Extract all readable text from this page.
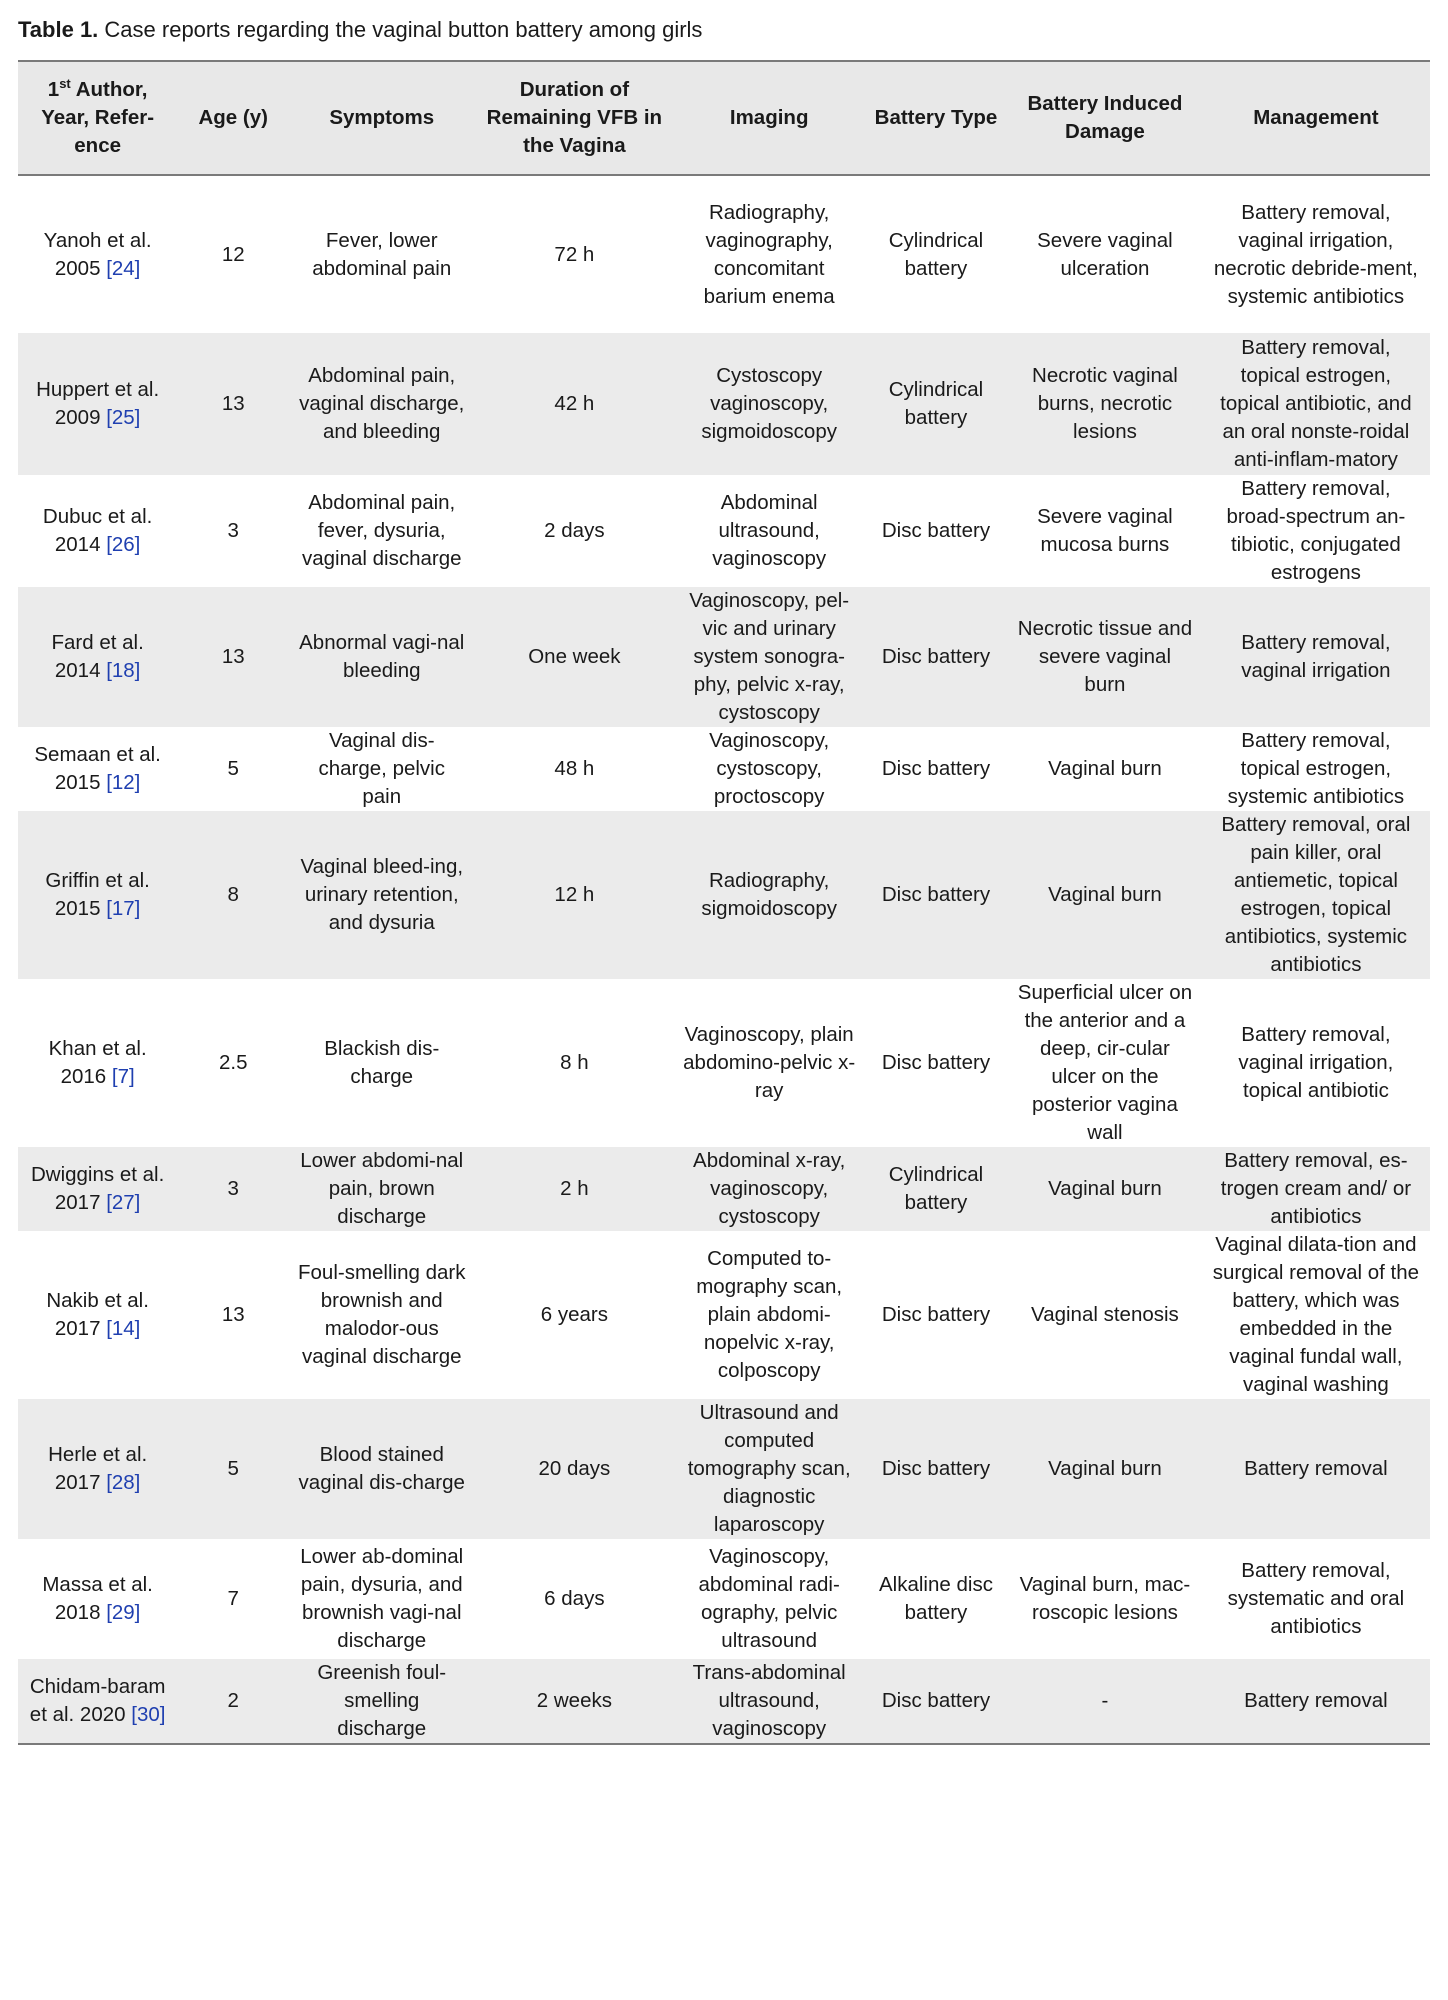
Table 1. Case reports regarding the vaginal button battery among girls
1st Author, Year, Refer-ence	Age (y)	Symptoms	Duration of Remaining VFB in the Vagina	Imaging	Battery Type	Battery Induced Damage	Management
Yanoh et al. 2005 [24]	12	Fever, lower abdominal pain	72 h	Radiography, vaginography, concomitant barium enema	Cylindrical battery	Severe vaginal ulceration	Battery removal, vaginal irrigation, necrotic debride-ment, systemic antibiotics
Huppert et al. 2009 [25]	13	Abdominal pain, vaginal discharge, and bleeding	42 h	Cystoscopy vaginoscopy, sigmoidoscopy	Cylindrical battery	Necrotic vaginal burns, necrotic lesions	Battery removal, topical estrogen, topical antibiotic, and an oral nonste-roidal anti-inflam-matory
Dubuc et al. 2014 [26]	3	Abdominal pain, fever, dysuria, vaginal discharge	2 days	Abdominal ultrasound, vaginoscopy	Disc battery	Severe vaginal mucosa burns	Battery removal, broad-spectrum an-tibiotic, conjugated estrogens
Fard et al. 2014 [18]	13	Abnormal vagi-nal bleeding	One week	Vaginoscopy, pel-vic and urinary system sonogra-phy, pelvic x-ray, cystoscopy	Disc battery	Necrotic tissue and severe vaginal burn	Battery removal, vaginal irrigation
Semaan et al. 2015 [12]	5	Vaginal dis-charge, pelvic pain	48 h	Vaginoscopy, cystoscopy, proctoscopy	Disc battery	Vaginal burn	Battery removal, topical estrogen, systemic antibiotics
Griffin et al. 2015 [17]	8	Vaginal bleed-ing, urinary retention, and dysuria	12 h	Radiography, sigmoidoscopy	Disc battery	Vaginal burn	Battery removal, oral pain killer, oral antiemetic, topical estrogen, topical antibiotics, systemic antibiotics
Khan et al. 2016 [7]	2.5	Blackish dis-charge	8 h	Vaginoscopy, plain abdomino-pelvic x-ray	Disc battery	Superficial ulcer on the anterior and a deep, cir-cular ulcer on the posterior vagina wall	Battery removal, vaginal irrigation, topical antibiotic
Dwiggins et al. 2017 [27]	3	Lower abdomi-nal pain, brown discharge	2 h	Abdominal x-ray, vaginoscopy, cystoscopy	Cylindrical battery	Vaginal burn	Battery removal, es-trogen cream and/ or antibiotics
Nakib et al. 2017 [14]	13	Foul-smelling dark brownish and malodor-ous vaginal discharge	6 years	Computed to-mography scan, plain abdomi-nopelvic x-ray, colposcopy	Disc battery	Vaginal stenosis	Vaginal dilata-tion and surgical removal of the battery, which was embedded in the vaginal fundal wall, vaginal washing
Herle et al. 2017 [28]	5	Blood stained vaginal dis-charge	20 days	Ultrasound and computed tomography scan, diagnostic laparoscopy	Disc battery	Vaginal burn	Battery removal
Massa et al. 2018 [29]	7	Lower ab-dominal pain, dysuria, and brownish vagi-nal discharge	6 days	Vaginoscopy, abdominal radi-ography, pelvic ultrasound	Alkaline disc battery	Vaginal burn, mac-roscopic lesions	Battery removal, systematic and oral antibiotics
Chidam-baram et al. 2020 [30]	2	Greenish foul-smelling discharge	2 weeks	Trans-abdominal ultrasound, vaginoscopy	Disc battery	-	Battery removal
